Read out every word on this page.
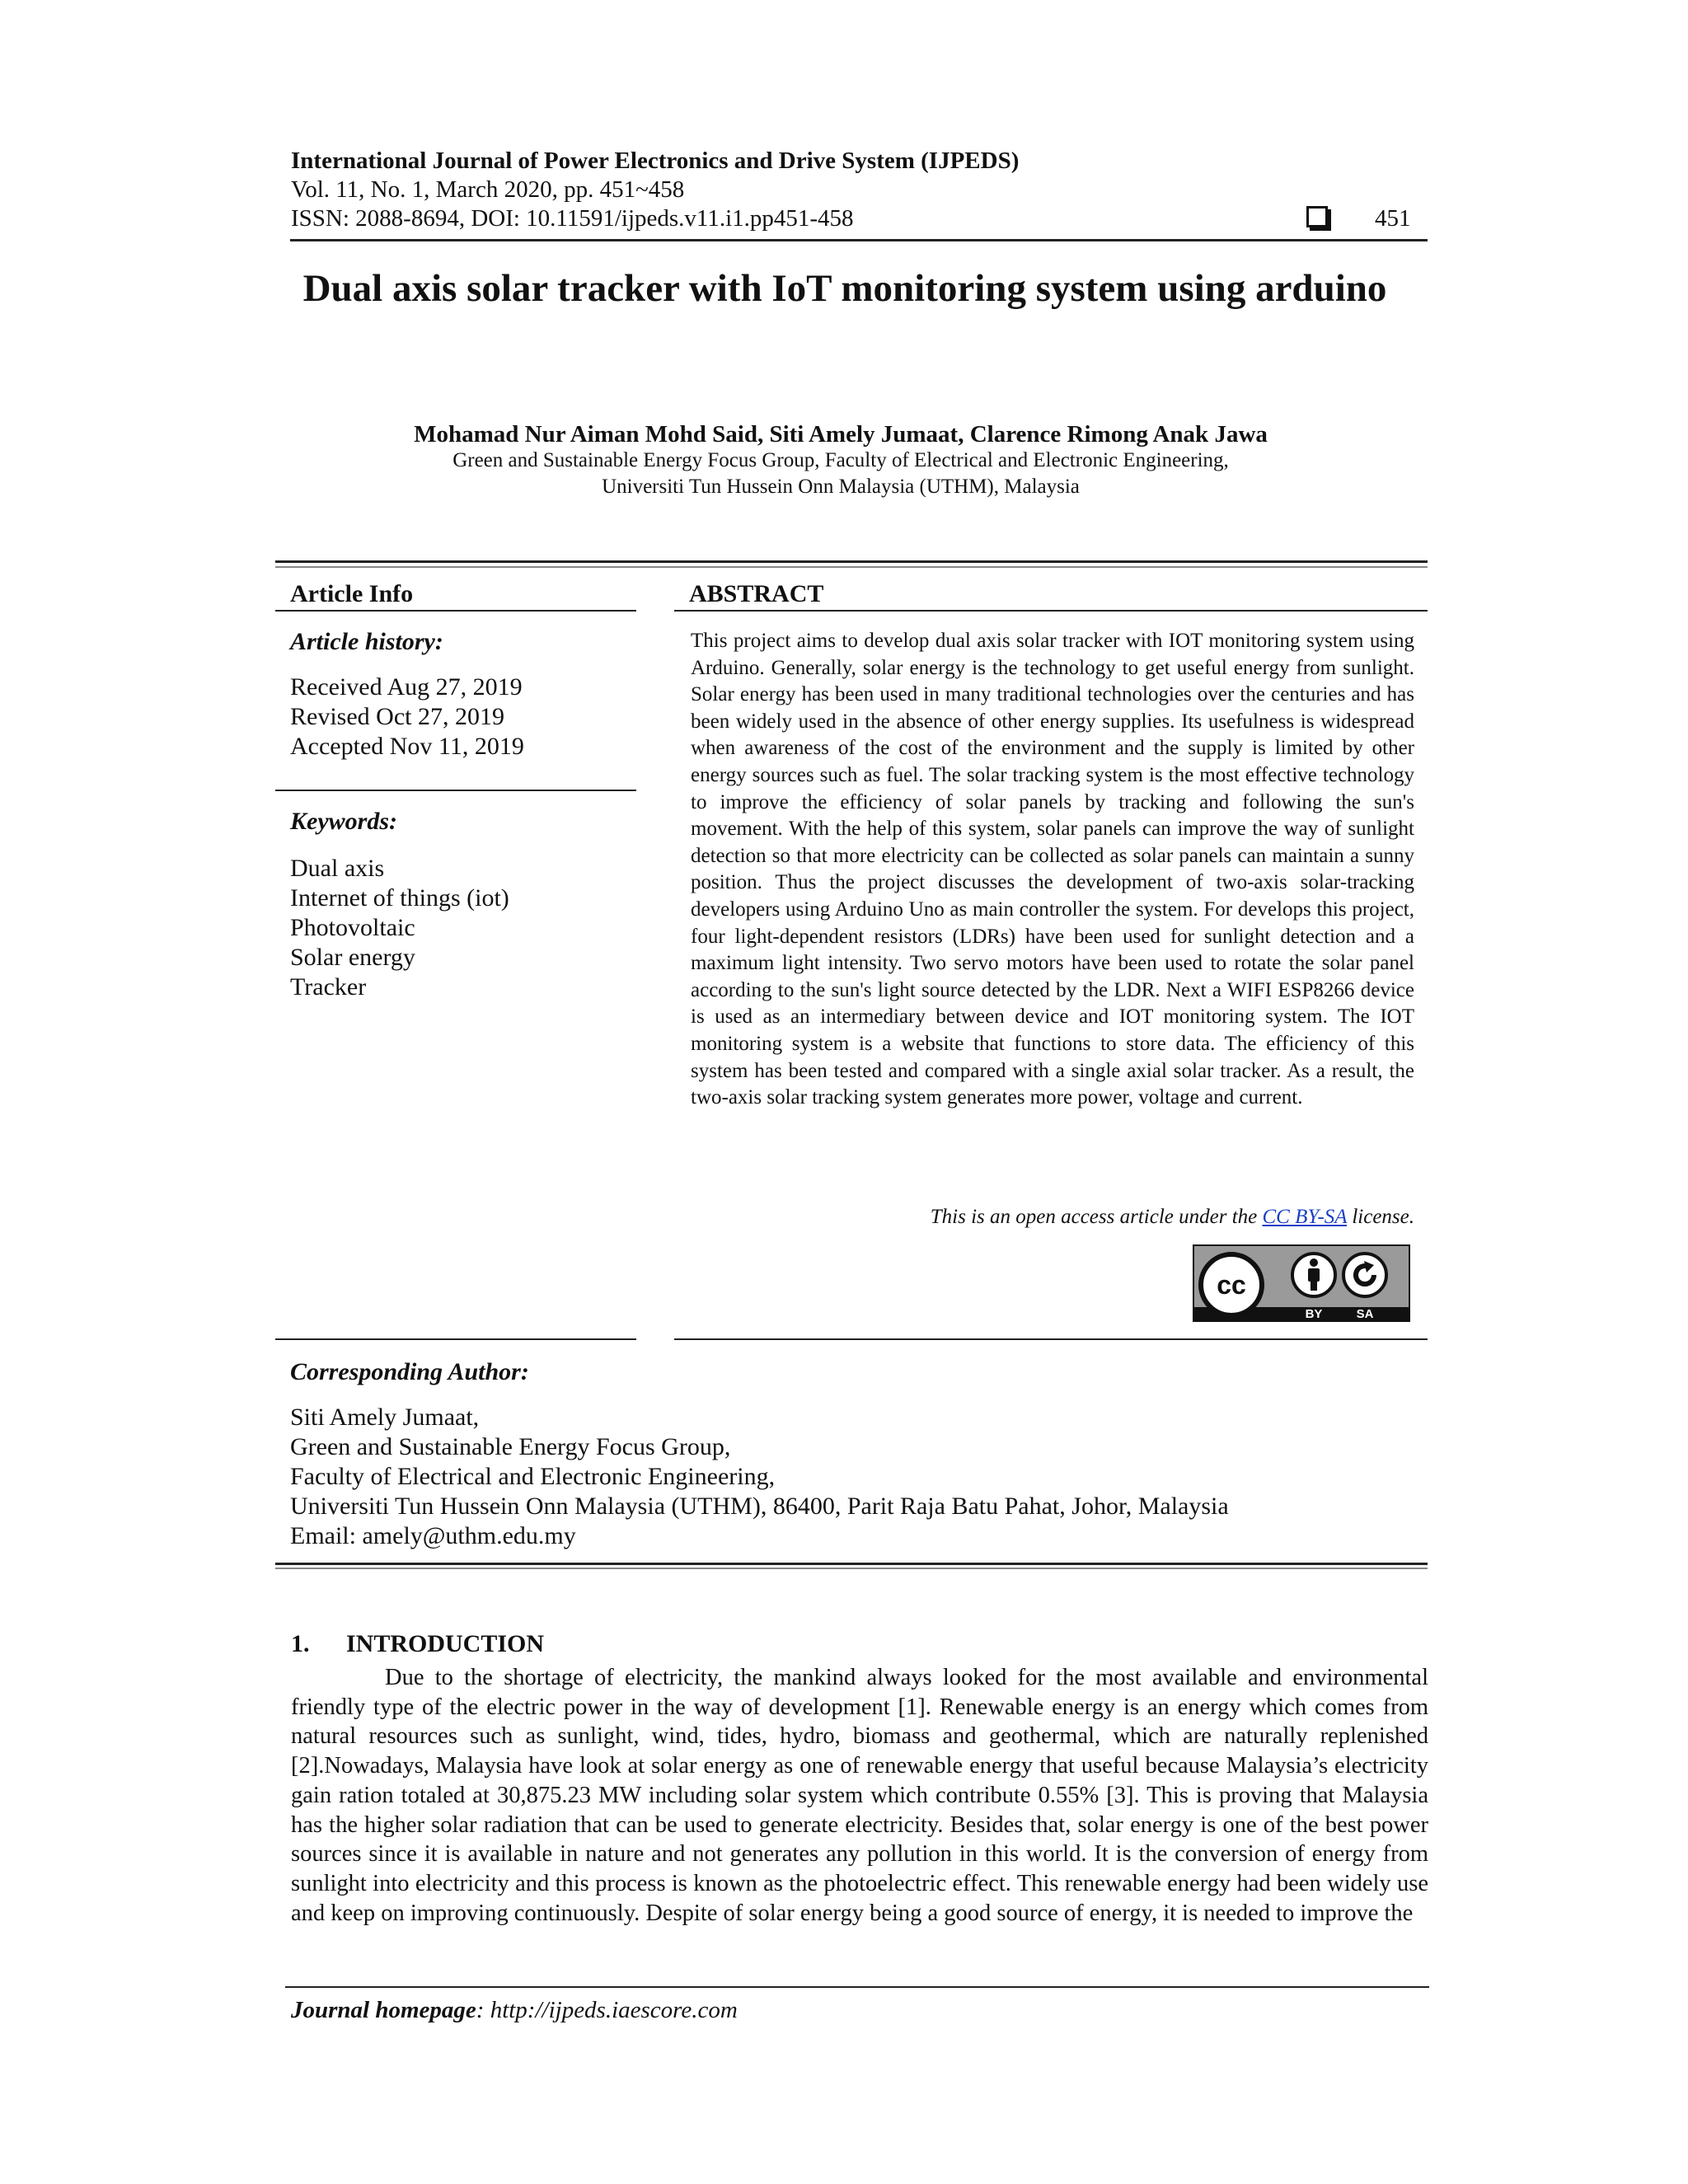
International Journal of Power Electronics and Drive System (IJPEDS)
Vol. 11, No. 1, March 2020, pp. 451~458
ISSN: 2088-8694, DOI: 10.11591/ijpeds.v11.i1.pp451-458	451
Dual axis solar tracker with IoT monitoring system using arduino
Mohamad Nur Aiman Mohd Said, Siti Amely Jumaat, Clarence Rimong Anak Jawa
Green and Sustainable Energy Focus Group, Faculty of Electrical and Electronic Engineering,
Universiti Tun Hussein Onn Malaysia (UTHM), Malaysia
Article Info
Article history:
Received Aug 27, 2019
Revised Oct 27, 2019
Accepted Nov 11, 2019
Keywords:
Dual axis
Internet of things (iot)
Photovoltaic
Solar energy
Tracker
ABSTRACT
This project aims to develop dual axis solar tracker with IOT monitoring system using Arduino. Generally, solar energy is the technology to get useful energy from sunlight. Solar energy has been used in many traditional technologies over the centuries and has been widely used in the absence of other energy supplies. Its usefulness is widespread when awareness of the cost of the environment and the supply is limited by other energy sources such as fuel. The solar tracking system is the most effective technology to improve the efficiency of solar panels by tracking and following the sun's movement. With the help of this system, solar panels can improve the way of sunlight detection so that more electricity can be collected as solar panels can maintain a sunny position. Thus the project discusses the development of two-axis solar-tracking developers using Arduino Uno as main controller the system. For develops this project, four light-dependent resistors (LDRs) have been used for sunlight detection and a maximum light intensity. Two servo motors have been used to rotate the solar panel according to the sun's light source detected by the LDR. Next a WIFI ESP8266 device is used as an intermediary between device and IOT monitoring system. The IOT monitoring system is a website that functions to store data. The efficiency of this system has been tested and compared with a single axial solar tracker. As a result, the two-axis solar tracking system generates more power, voltage and current.
This is an open access article under the CC BY-SA license.
cc
BY	SA
Corresponding Author:
Siti Amely Jumaat,
Green and Sustainable Energy Focus Group,
Faculty of Electrical and Electronic Engineering,
Universiti Tun Hussein Onn Malaysia (UTHM), 86400, Parit Raja Batu Pahat, Johor, Malaysia
Email: amely@uthm.edu.my
1. INTRODUCTION
Due to the shortage of electricity, the mankind always looked for the most available and environmental friendly type of the electric power in the way of development [1]. Renewable energy is an energy which comes from natural resources such as sunlight, wind, tides, hydro, biomass and geothermal, which are naturally replenished [2].Nowadays, Malaysia have look at solar energy as one of renewable energy that useful because Malaysia’s electricity gain ration totaled at 30,875.23 MW including solar system which contribute 0.55% [3]. This is proving that Malaysia has the higher solar radiation that can be used to generate electricity. Besides that, solar energy is one of the best power sources since it is available in nature and not generates any pollution in this world. It is the conversion of energy from sunlight into electricity and this process is known as the photoelectric effect. This renewable energy had been widely use and keep on improving continuously. Despite of solar energy being a good source of energy, it is needed to improve the
Journal homepage: http://ijpeds.iaescore.com
